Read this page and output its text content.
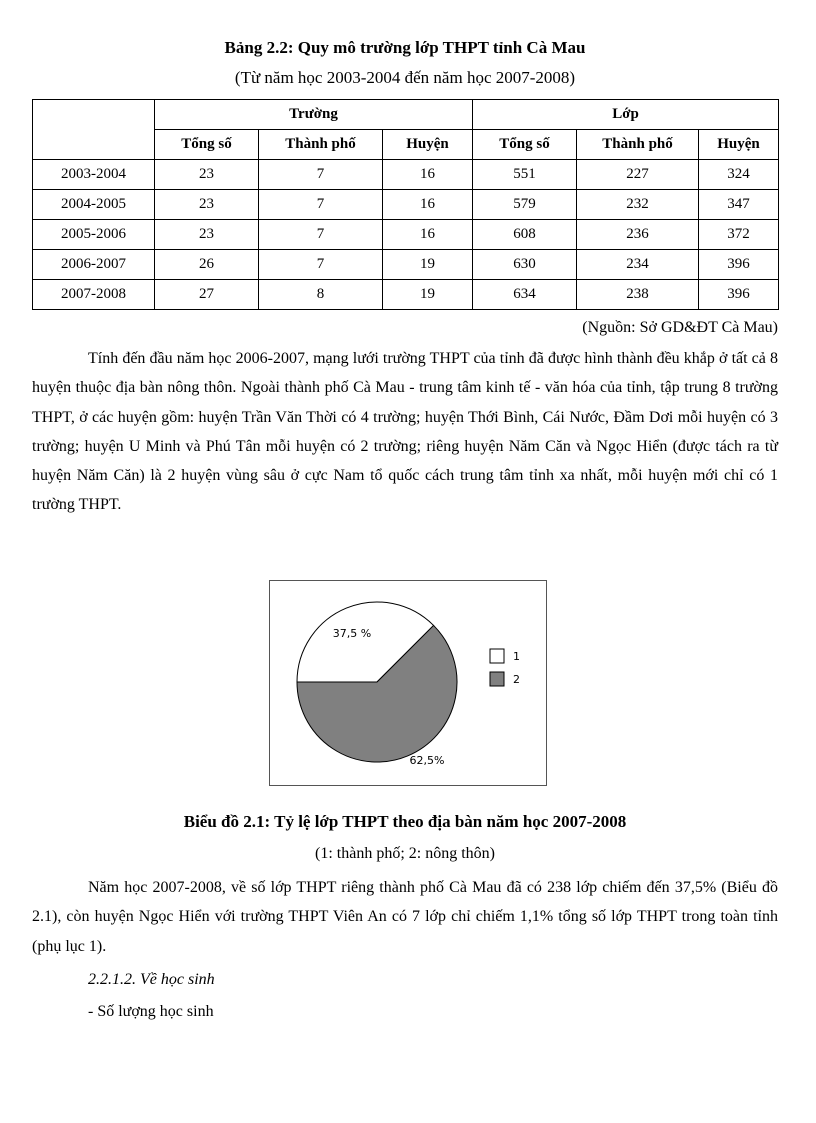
Bảng 2.2: Quy mô trường lớp THPT tỉnh Cà Mau
(Từ năm học 2003-2004 đến năm học 2007-2008)
	Trường			Lớp		
	Tổng số	Thành phố	Huyện	Tổng số	Thành phố	Huyện
2003-2004	23	7	16	551	227	324
2004-2005	23	7	16	579	232	347
2005-2006	23	7	16	608	236	372
2006-2007	26	7	19	630	234	396
2007-2008	27	8	19	634	238	396
(Nguồn: Sở GD&ĐT Cà Mau)
Tính đến đầu năm học 2006-2007, mạng lưới trường THPT của tỉnh đã được hình thành đều khắp ở tất cả 8 huyện thuộc địa bàn nông thôn. Ngoài thành phố Cà Mau - trung tâm kinh tế - văn hóa của tỉnh, tập trung 8 trường THPT, ở các huyện gồm: huyện Trần Văn Thời có 4 trường; huyện Thới Bình, Cái Nước, Đầm Dơi mỗi huyện có 3 trường; huyện U Minh và Phú Tân mỗi huyện có 2 trường; riêng huyện Năm Căn và Ngọc Hiển (được tách ra từ huyện Năm Căn) là 2 huyện vùng sâu ở cực Nam tổ quốc cách trung tâm tỉnh xa nhất, mỗi huyện mới chỉ có 1 trường THPT.
37,5 %
62,5%
1
2
Biểu đồ 2.1: Tỷ lệ lớp THPT theo địa bàn năm học 2007-2008
(1: thành phố; 2: nông thôn)
Năm học 2007-2008, về số lớp THPT riêng thành phố Cà Mau đã có 238 lớp chiếm đến 37,5% (Biểu đồ 2.1), còn huyện Ngọc Hiển với trường THPT Viên An có 7 lớp chỉ chiếm 1,1% tổng số lớp THPT trong toàn tỉnh (phụ lục 1).
2.2.1.2. Về học sinh
- Số lượng học sinh
